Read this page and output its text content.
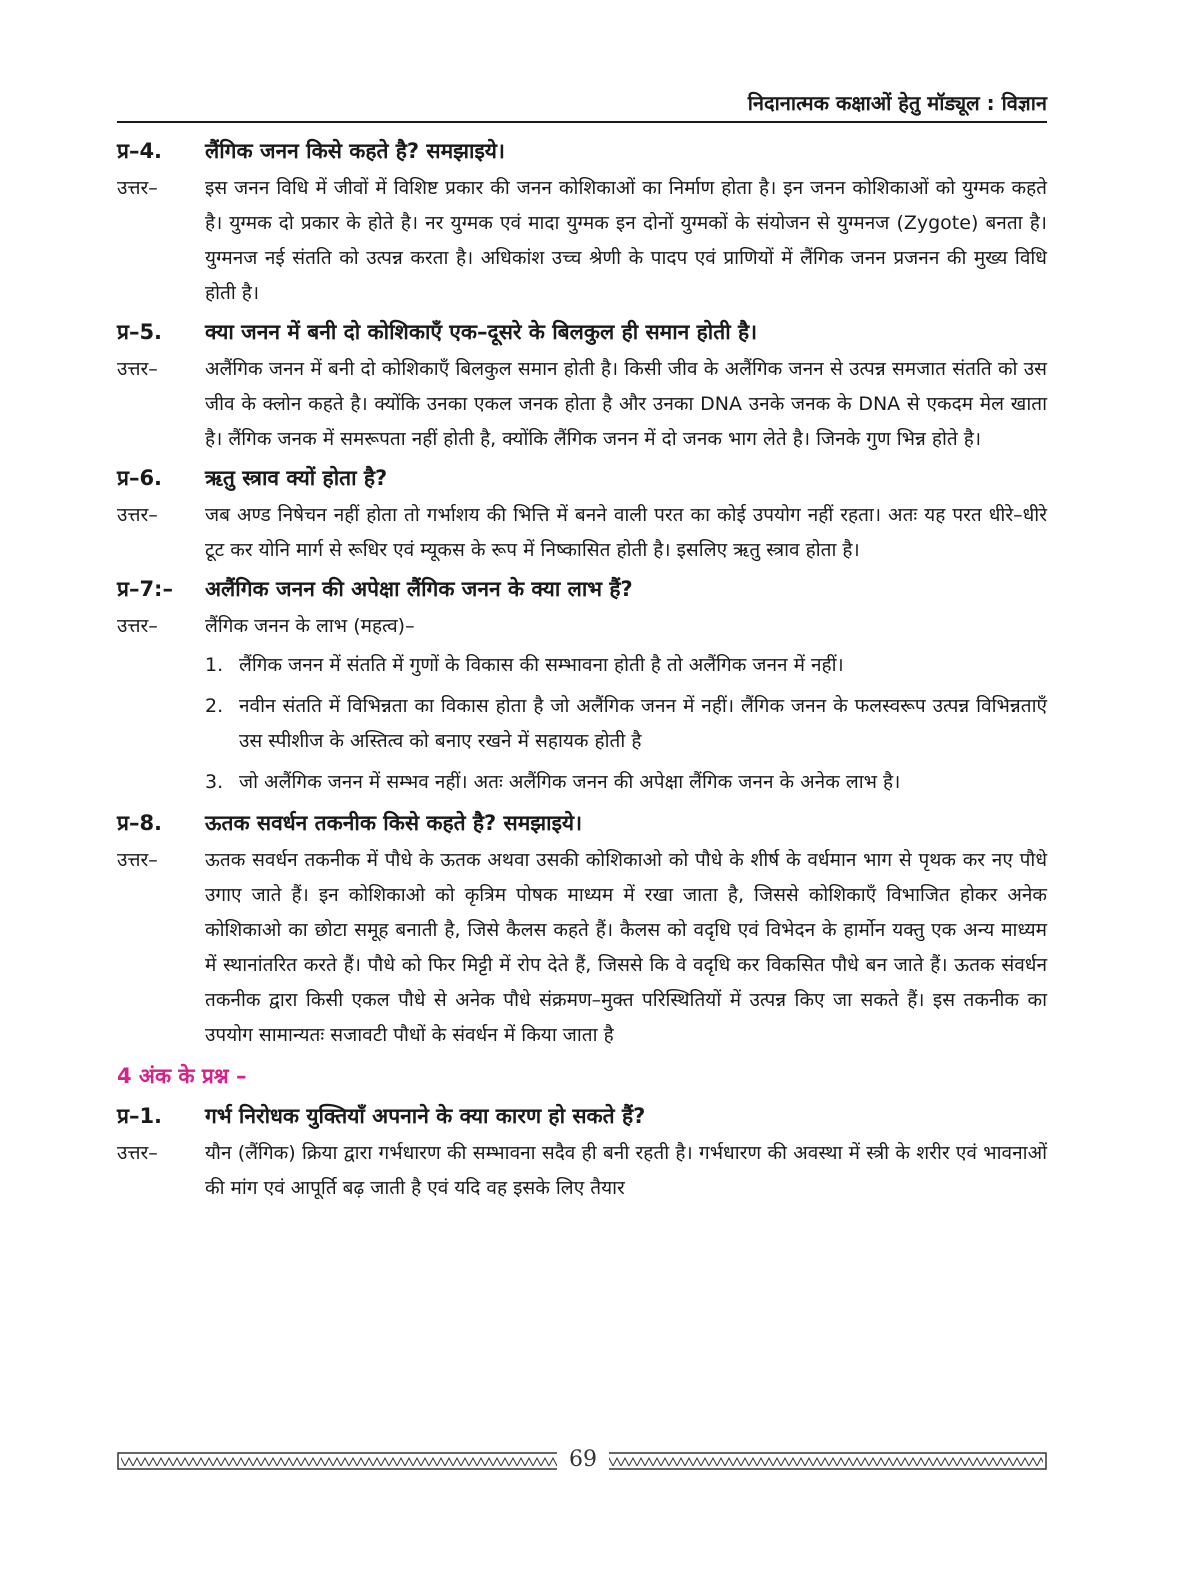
निदानात्मक कक्षाओं हेतु मॉड्यूल : विज्ञान
प्र–4.	लैंगिक जनन किसे कहते है? समझाइये।
उत्तर–	इस जनन विधि में जीवों में विशिष्ट प्रकार की जनन कोशिकाओं का निर्माण होता है। इन जनन कोशिकाओं को युग्मक कहते है। युग्मक दो प्रकार के होते है। नर युग्मक एवं मादा युग्मक इन दोनों युग्मकों के संयोजन से युग्मनज (Zygote) बनता है। युग्मनज नई संतति को उत्पन्न करता है। अधिकांश उच्च श्रेणी के पादप एवं प्राणियों में लैंगिक जनन प्रजनन की मुख्य विधि होती है।
प्र–5.	क्या जनन में बनी दो कोशिकाएँ एक–दूसरे के बिलकुल ही समान होती है।
उत्तर–	अलैंगिक जनन में बनी दो कोशिकाएँ बिलकुल समान होती है। किसी जीव के अलैंगिक जनन से उत्पन्न समजात संतति को उस जीव के क्लोन कहते है। क्योंकि उनका एकल जनक होता है और उनका DNA उनके जनक के DNA से एकदम मेल खाता है। लैंगिक जनक में समरूपता नहीं होती है, क्योंकि लैंगिक जनन में दो जनक भाग लेते है। जिनके गुण भिन्न होते है।
प्र–6.	ऋतु स्त्राव क्यों होता है?
उत्तर–	जब अण्ड निषेचन नहीं होता तो गर्भाशय की भित्ति में बनने वाली परत का कोई उपयोग नहीं रहता। अतः यह परत धीरे–धीरे टूट कर योनि मार्ग से रूधिर एवं म्यूकस के रूप में निष्कासित होती है। इसलिए ऋतु स्त्राव होता है।
प्र–7:–	अलैंगिक जनन की अपेक्षा लैंगिक जनन के क्या लाभ हैं?
उत्तर–	लैंगिक जनन के लाभ (महत्व)–
1. लैंगिक जनन में संतति में गुणों के विकास की सम्भावना होती है तो अलैंगिक जनन में नहीं।
2. नवीन संतति में विभिन्नता का विकास होता है जो अलैंगिक जनन में नहीं। लैंगिक जनन के फलस्वरूप उत्पन्न विभिन्नताएँ उस स्पीशीज के अस्तित्व को बनाए रखने में सहायक होती है
3. जो अलैंगिक जनन में सम्भव नहीं। अतः अलैंगिक जनन की अपेक्षा लैंगिक जनन के अनेक लाभ है।
प्र–8.	ऊतक सवर्धन तकनीक किसे कहते है? समझाइये।
उत्तर–	ऊतक सवर्धन तकनीक में पौधे के ऊतक अथवा उसकी कोशिकाओ को पौधे के शीर्ष के वर्धमान भाग से पृथक कर नए पौधे उगाए जाते हैं। इन कोशिकाओ को कृत्रिम पोषक माध्यम में रखा जाता है, जिससे कोशिकाएँ विभाजित होकर अनेक कोशिकाओ का छोटा समूह बनाती है, जिसे कैलस कहते हैं। कैलस को वदृधि एवं विभेदन के हार्मोन यक्तु एक अन्य माध्यम में स्थानांतरित करते हैं। पौधे को फिर मिट्टी में रोप देते हैं, जिससे कि वे वदृधि कर विकसित पौधे बन जाते हैं। ऊतक संवर्धन तकनीक द्वारा किसी एकल पौधे से अनेक पौधे संक्रमण–मुक्त परिस्थितियों में उत्पन्न किए जा सकते हैं। इस तकनीक का उपयोग सामान्यतः सजावटी पौधों के संवर्धन में किया जाता है
4 अंक के प्रश्न –
प्र–1.	गर्भ निरोधक युक्तियाँ अपनाने के क्या कारण हो सकते हैं?
उत्तर–	यौन (लैंगिक) क्रिया द्वारा गर्भधारण की सम्भावना सदैव ही बनी रहती है। गर्भधारण की अवस्था में स्त्री के शरीर एवं भावनाओं की मांग एवं आपूर्ति बढ़ जाती है एवं यदि वह इसके लिए तैयार
69
